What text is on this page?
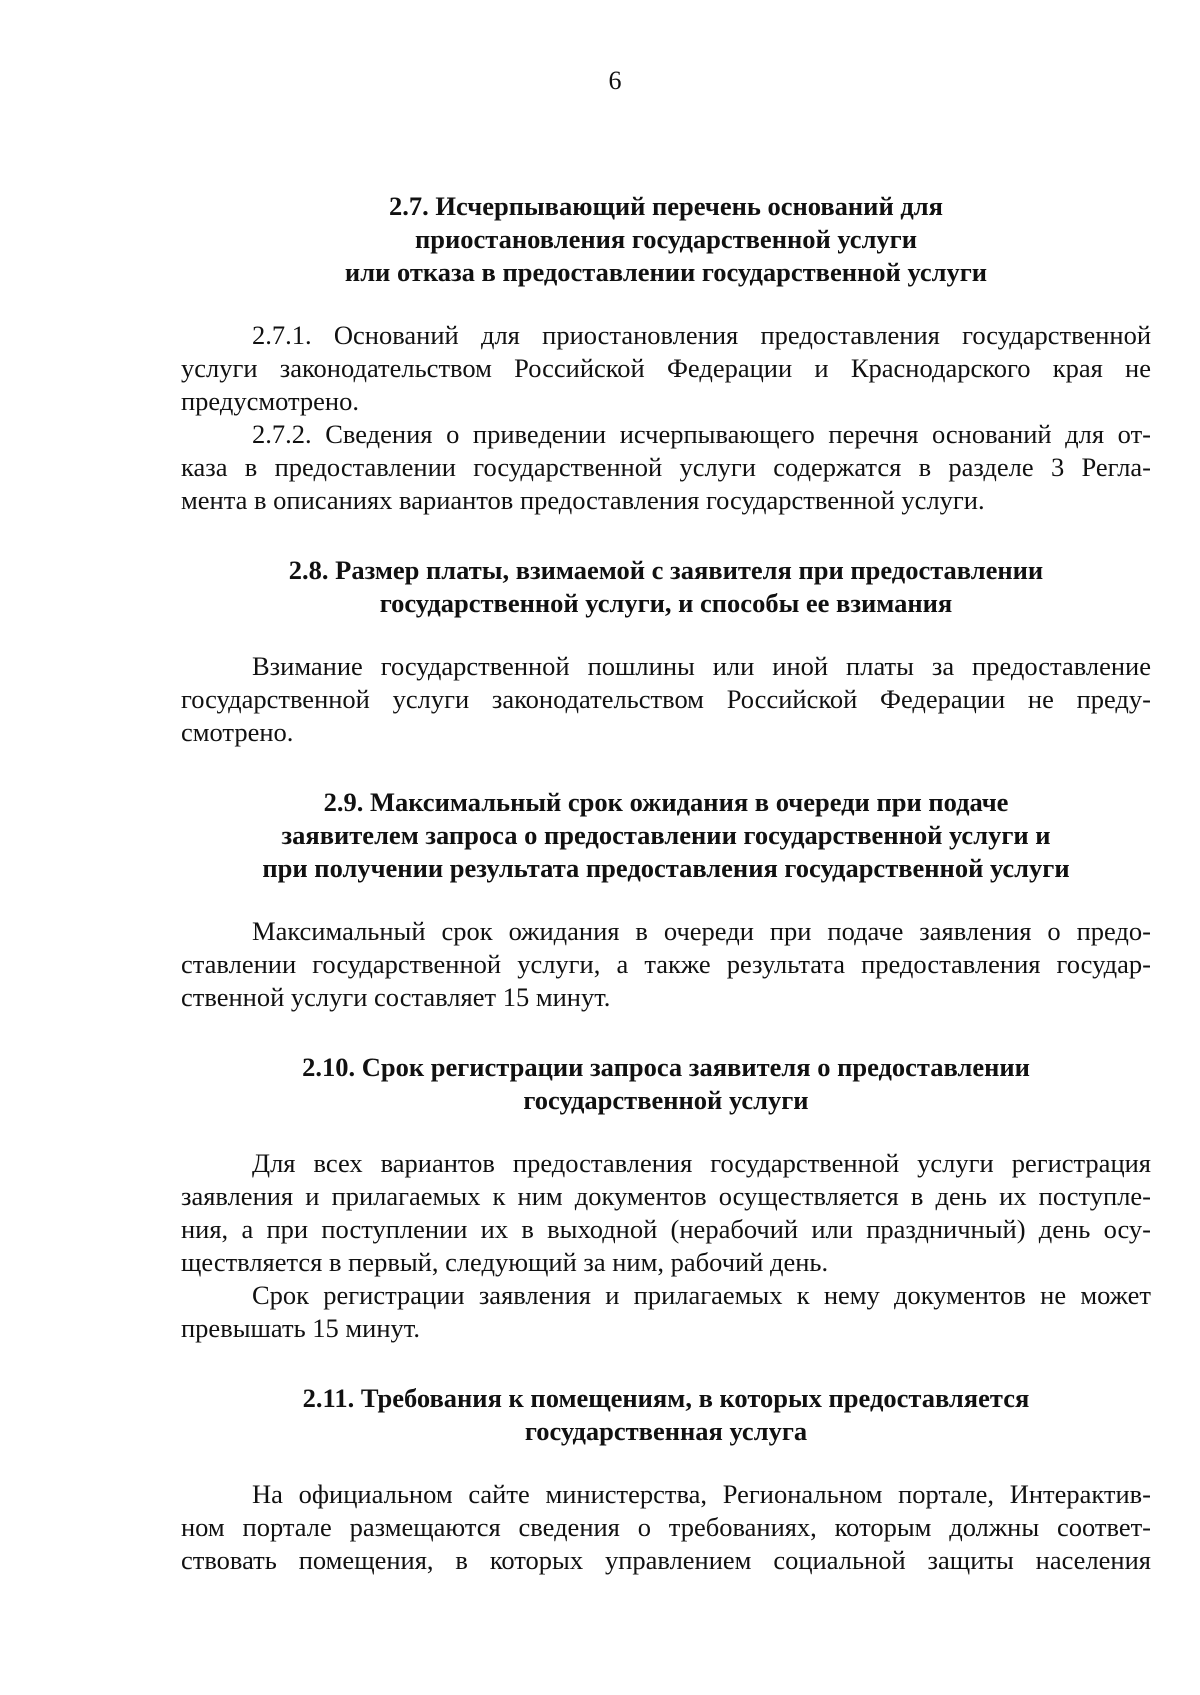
6
2.7. Исчерпывающий перечень оснований для
приостановления государственной услуги
или отказа в предоставлении государственной услуги
2.7.1. Оснований для приостановления предоставления государственной
услуги законодательством Российской Федерации и Краснодарского края не
предусмотрено.
2.7.2. Сведения о приведении исчерпывающего перечня оснований для от-
каза в предоставлении государственной услуги содержатся в разделе 3 Регла-
мента в описаниях вариантов предоставления государственной услуги.
2.8. Размер платы, взимаемой с заявителя при предоставлении
государственной услуги, и способы ее взимания
Взимание государственной пошлины или иной платы за предоставление
государственной услуги законодательством Российской Федерации не преду-
смотрено.
2.9. Максимальный срок ожидания в очереди при подаче
заявителем запроса о предоставлении государственной услуги и
при получении результата предоставления государственной услуги
Максимальный срок ожидания в очереди при подаче заявления о предо-
ставлении государственной услуги, а также результата предоставления государ-
ственной услуги составляет 15 минут.
2.10. Срок регистрации запроса заявителя о предоставлении
государственной услуги
Для всех вариантов предоставления государственной услуги регистрация
заявления и прилагаемых к ним документов осуществляется в день их поступле-
ния, а при поступлении их в выходной (нерабочий или праздничный) день осу-
ществляется в первый, следующий за ним, рабочий день.
Срок регистрации заявления и прилагаемых к нему документов не может
превышать 15 минут.
2.11. Требования к помещениям, в которых предоставляется
государственная услуга
На официальном сайте министерства, Региональном портале, Интерактив-
ном портале размещаются сведения о требованиях, которым должны соответ-
ствовать помещения, в которых управлением социальной защиты населения
